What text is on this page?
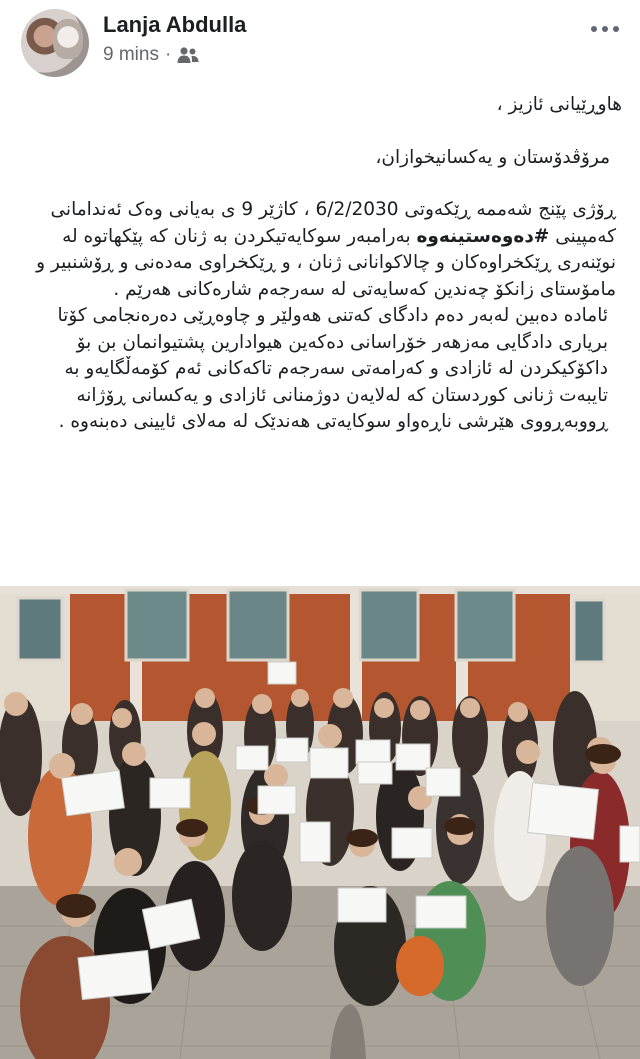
Lanja Abdulla
9 mins ·

هاوڕێیانی ئازیز ،

مرۆڤدۆستان و یەکسانیخوازان،

ڕۆژی پێنج شەممە ڕێکەوتی 6/2/2030 ، کاژێر 9 ی بەیانی وەک ئەندامانی کەمپینی #دەوەستینەوە بەرامبەر سوکایەتیکردن بە ژنان کە پێکهاتوە لە نوێنەری ڕێکخراوەکان و چالاکوانانی ژنان ، و ڕێکخراوی مەدەنی و ڕۆشنبیر و مامۆستای زانکۆ چەندین کەسایەتی لە سەرجەم شارەکانی هەرێم .

ئامادە دەبین لەبەر دەم دادگای کەتنی هەولێر و چاوەڕێی دەرەنجامی کۆتا بریاری دادگایی مەزهەر خۆراسانی دەکەین هیوادارین پشتیوانمان بن بۆ داکۆکیکردن لە ئازادی و کەرامەتی سەرجەم تاکەکانی ئەم کۆمەڵگایەو بە تایبەت ژنانی کوردستان کە لەلایەن دوژمنانی ئازادی و یەکسانی ڕۆژانە ڕووبەڕووی هێرشی ناڕەواو سوکایەتی هەندێک لە مەلای ئایینی دەبنەوە .
